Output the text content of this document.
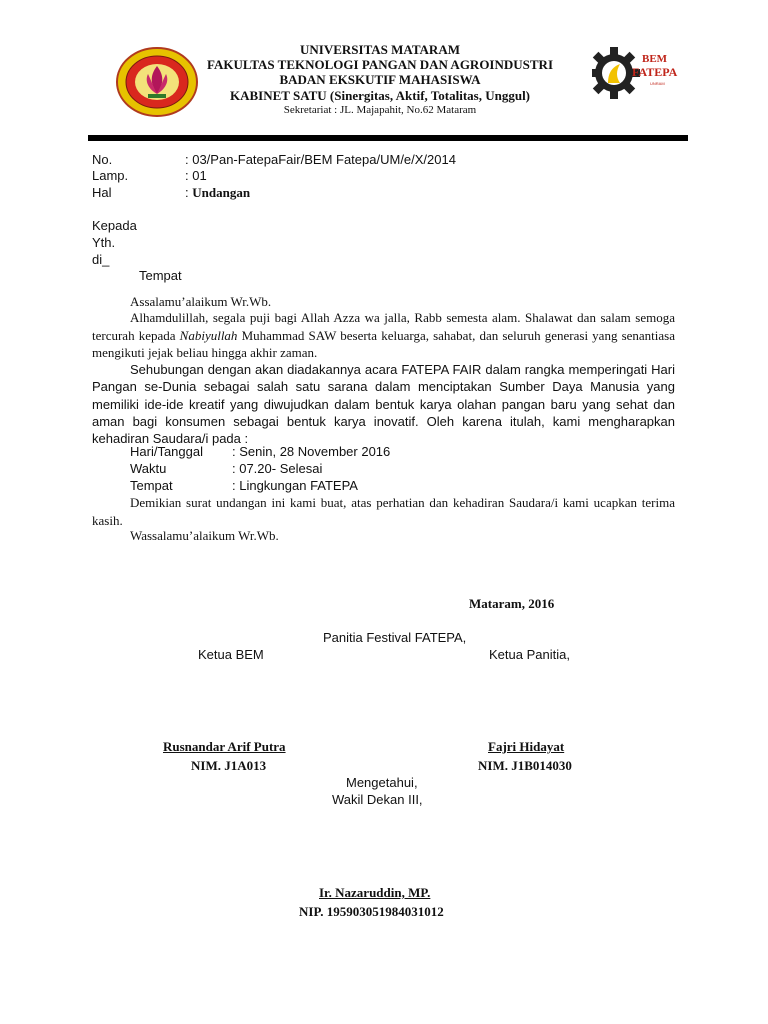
UNIVERSITAS MATARAM
FAKULTAS TEKNOLOGI PANGAN DAN AGROINDUSTRI
BADAN EKSKUTIF MAHASISWA
KABINET SATU (Sinergitas, Aktif, Totalitas, Unggul)
Sekretariat : JL. Majapahit, No.62 Mataram
BEM
FATEPA
UNRAM
No.	: 03/Pan-FatepaFair/BEM Fatepa/UM/e/X/2014
Lamp.	: 01
Hal	: Undangan
Kepada
Yth.
di_
Tempat
Assalamu’alaikum Wr.Wb.
Alhamdulillah, segala puji bagi Allah Azza wa jalla, Rabb semesta alam. Shalawat dan salam semoga tercurah kepada Nabiyullah Muhammad SAW beserta keluarga, sahabat, dan seluruh generasi yang senantiasa mengikuti jejak beliau hingga akhir zaman.
Sehubungan dengan akan diadakannya acara FATEPA FAIR dalam rangka memperingati Hari Pangan se-Dunia sebagai salah satu sarana dalam menciptakan Sumber Daya Manusia yang memiliki ide-ide kreatif yang diwujudkan dalam bentuk karya olahan pangan baru yang sehat dan aman bagi konsumen sebagai bentuk karya inovatif. Oleh karena itulah, kami mengharapkan kehadiran Saudara/i pada :
Hari/Tanggal : Senin, 28 November 2016
Waktu	: 07.20- Selesai
Tempat	: Lingkungan FATEPA
Demikian surat undangan ini kami buat, atas perhatian dan kehadiran Saudara/i kami ucapkan terima kasih.
Wassalamu’alaikum Wr.Wb.
Mataram, 2016
Panitia Festival FATEPA,
Ketua BEM	Ketua Panitia,
Rusnandar Arif Putra
NIM. J1A013
Fajri Hidayat
NIM. J1B014030
Mengetahui,
Wakil Dekan III,
Ir. Nazaruddin, MP.
NIP. 195903051984031012
